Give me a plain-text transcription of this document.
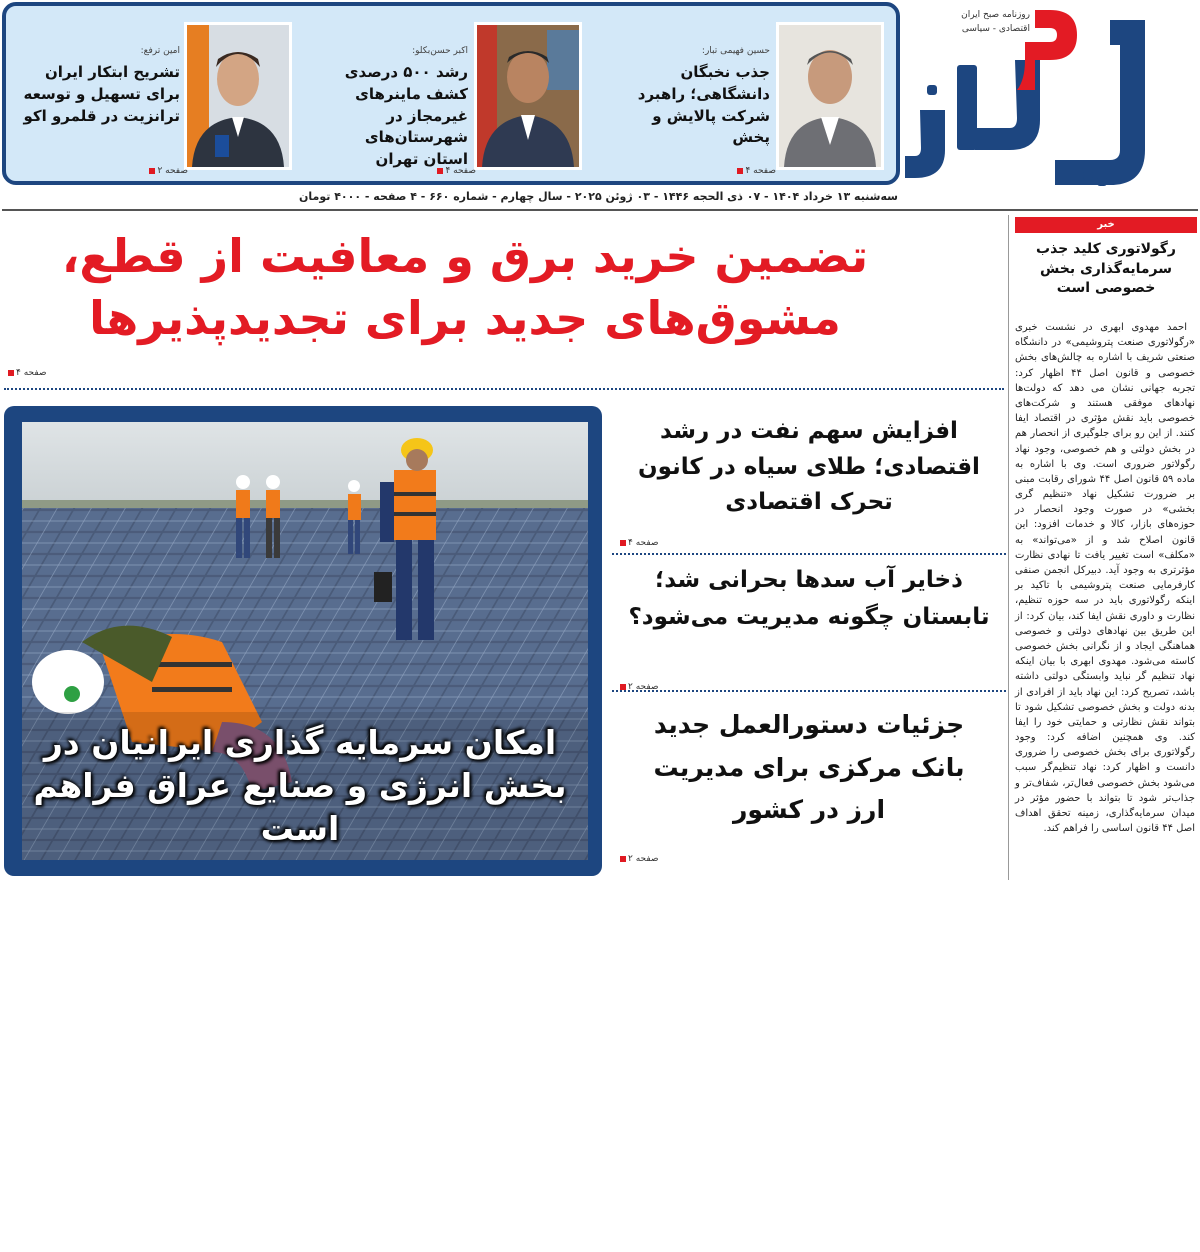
روزنامه صبح ایران
اقتصادی - سیاسی
حسین فهیمی تبار:
جذب نخبگان دانشگاهی؛ راهبرد شرکت پالایش و پخش
صفحه ۴
اکبر حسن‌بکلو:
رشد ۵۰۰ درصدی کشف ماینرهای غیرمجاز در شهرستان‌های استان تهران
صفحه ۴
امین ترفع:
تشریح ابتکار ایران برای تسهیل و توسعه ترانزیت در قلمرو اکو
صفحه ۲
سه‌شنبه ۱۳ خرداد ۱۴۰۴ - ۰۷ ذی الحجه ۱۴۴۶ - ۰۳ ژوئن ۲۰۲۵ - سال چهارم - شماره ۶۶۰ - ۴ صفحه - ۴۰۰۰ تومان
تضمین خرید برق و معافیت از قطع،
مشوق‌های جدید برای تجدیدپذیرها
صفحه ۴
صفحه ۲
امکان سرمایه گذاری ایرانیان در بخش انرژی و صنایع عراق فراهم است
افزایش سهم نفت در رشد اقتصادی؛ طلای سیاه در کانون تحرک اقتصادی
صفحه ۴
ذخایر آب سدها بحرانی شد؛ تابستان چگونه مدیریت می‌شود؟
صفحه ۲
جزئیات دستورالعمل جدید بانک مرکزی برای مدیریت ارز در کشور
صفحه ۲
خبر
رگولاتوری کلید جذب سرمایه‌گذاری بخش خصوصی است

احمد مهدوی ابهری در نشست خبری «رگولاتوری صنعت پتروشیمی» در دانشگاه صنعتی شریف با اشاره به چالش‌های بخش خصوصی و قانون اصل ۴۴ اظهار کرد: تجربه جهانی نشان می دهد که دولت‌ها نهادهای موفقی هستند و شرکت‌های خصوصی باید نقش مؤثری در اقتصاد ایفا کنند. از این رو برای جلوگیری از انحصار هم در بخش دولتی و هم خصوصی، وجود نهاد رگولاتور ضروری است. وی با اشاره به ماده ۵۹ قانون اصل ۴۴ شورای رقابت مبنی بر ضرورت تشکیل نهاد «تنظیم گری بخشی» در صورت وجود انحصار در حوزه‌های بازار، کالا و خدمات افزود: این قانون اصلاح شد و از «می‌تواند» به «مکلف» است تغییر یافت تا نهادی نظارت مؤثرتری به وجود آید. دبیرکل انجمن صنفی کارفرمایی صنعت پتروشیمی با تاکید بر اینکه رگولاتوری باید در سه حوزه تنظیم، نظارت و داوری نقش ایفا کند، بیان کرد: از این طریق بین نهادهای دولتی و خصوصی هماهنگی ایجاد و از نگرانی بخش خصوصی کاسته می‌شود. مهدوی ابهری با بیان اینکه نهاد تنظیم گر نباید وابستگی دولتی داشته باشد، تصریح کرد: این نهاد باید از افرادی از بدنه دولت و بخش خصوصی تشکیل شود تا بتواند نقش نظارتی و حمایتی خود را ایفا کند. وی همچنین اضافه کرد: وجود رگولاتوری برای بخش خصوصی را ضروری دانست و اظهار کرد: نهاد تنظیم‌گر سبب می‌شود بخش خصوصی فعال‌تر، شفاف‌تر و جذاب‌تر شود تا بتواند با حضور مؤثر در میدان سرمایه‌گذاری، زمینه تحقق اهداف اصل ۴۴ قانون اساسی را فراهم کند.
